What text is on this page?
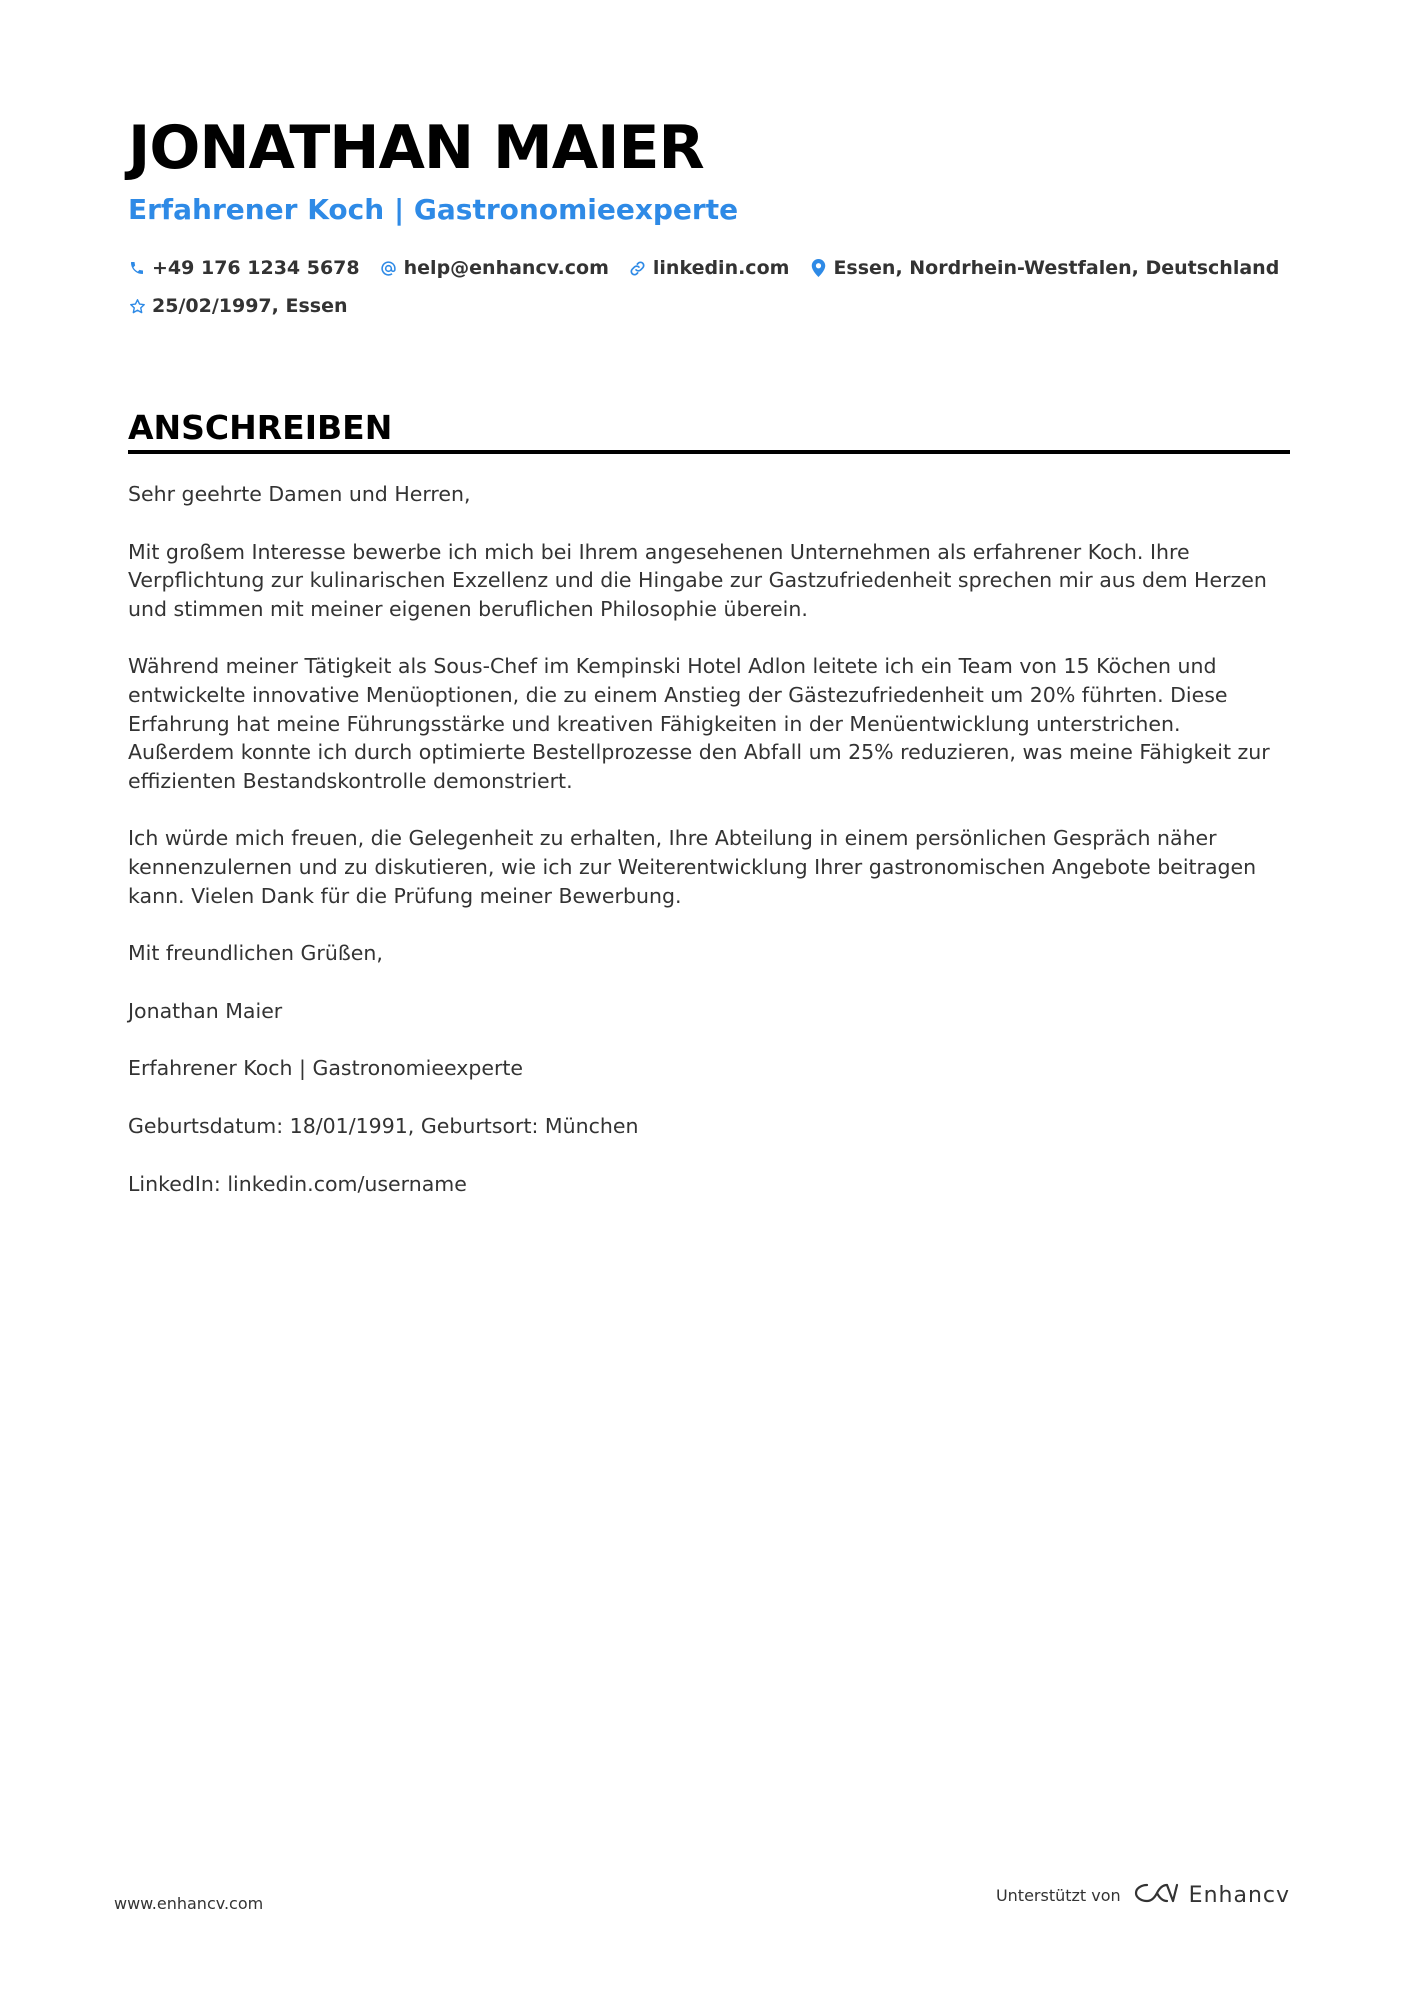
JONATHAN MAIER
Erfahrener Koch | Gastronomieexperte
+49 176 1234 5678 help@enhancv.com linkedin.com Essen, Nordrhein-Westfalen, Deutschland
25/02/1997, Essen
ANSCHREIBEN

Sehr geehrte Damen und Herren,

Mit großem Interesse bewerbe ich mich bei Ihrem angesehenen Unternehmen als erfahrener Koch. Ihre Verpflichtung zur kulinarischen Exzellenz und die Hingabe zur Gastzufriedenheit sprechen mir aus dem Herzen und stimmen mit meiner eigenen beruflichen Philosophie überein.

Während meiner Tätigkeit als Sous-Chef im Kempinski Hotel Adlon leitete ich ein Team von 15 Köchen und entwickelte innovative Menüoptionen, die zu einem Anstieg der Gästezufriedenheit um 20% führten. Diese Erfahrung hat meine Führungsstärke und kreativen Fähigkeiten in der Menüentwicklung unterstrichen. Außerdem konnte ich durch optimierte Bestellprozesse den Abfall um 25% reduzieren, was meine Fähigkeit zur effizienten Bestandskontrolle demonstriert.

Ich würde mich freuen, die Gelegenheit zu erhalten, Ihre Abteilung in einem persönlichen Gespräch näher kennenzulernen und zu diskutieren, wie ich zur Weiterentwicklung Ihrer gastronomischen Angebote beitragen kann. Vielen Dank für die Prüfung meiner Bewerbung.

Mit freundlichen Grüßen,

Jonathan Maier

Erfahrener Koch | Gastronomieexperte

Geburtsdatum: 18/01/1991, Geburtsort: München

LinkedIn: linkedin.com/username

www.enhancv.com	Unterstützt von	Enhancv
